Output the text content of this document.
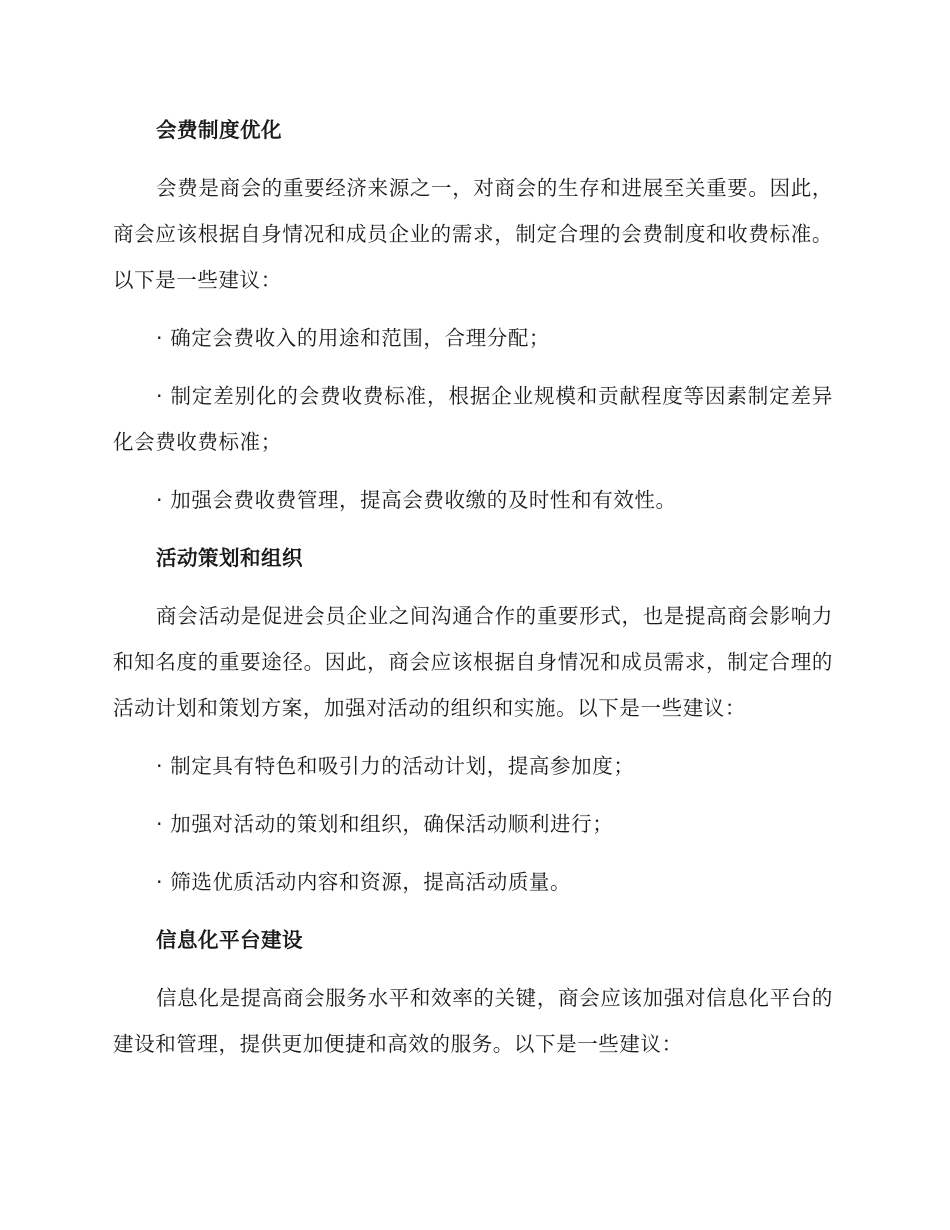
会费制度优化
会费是商会的重要经济来源之一，对商会的生存和进展至关重要。因此，商会应该根据自身情况和成员企业的需求，制定合理的会费制度和收费标准。以下是一些建议：
· 确定会费收入的用途和范围，合理分配；
· 制定差别化的会费收费标准，根据企业规模和贡献程度等因素制定差异化会费收费标准；
· 加强会费收费管理，提高会费收缴的及时性和有效性。
活动策划和组织
商会活动是促进会员企业之间沟通合作的重要形式，也是提高商会影响力和知名度的重要途径。因此，商会应该根据自身情况和成员需求，制定合理的活动计划和策划方案，加强对活动的组织和实施。以下是一些建议：
· 制定具有特色和吸引力的活动计划，提高参加度；
· 加强对活动的策划和组织，确保活动顺利进行；
· 筛选优质活动内容和资源，提高活动质量。
信息化平台建设
信息化是提高商会服务水平和效率的关键，商会应该加强对信息化平台的建设和管理，提供更加便捷和高效的服务。以下是一些建议：
